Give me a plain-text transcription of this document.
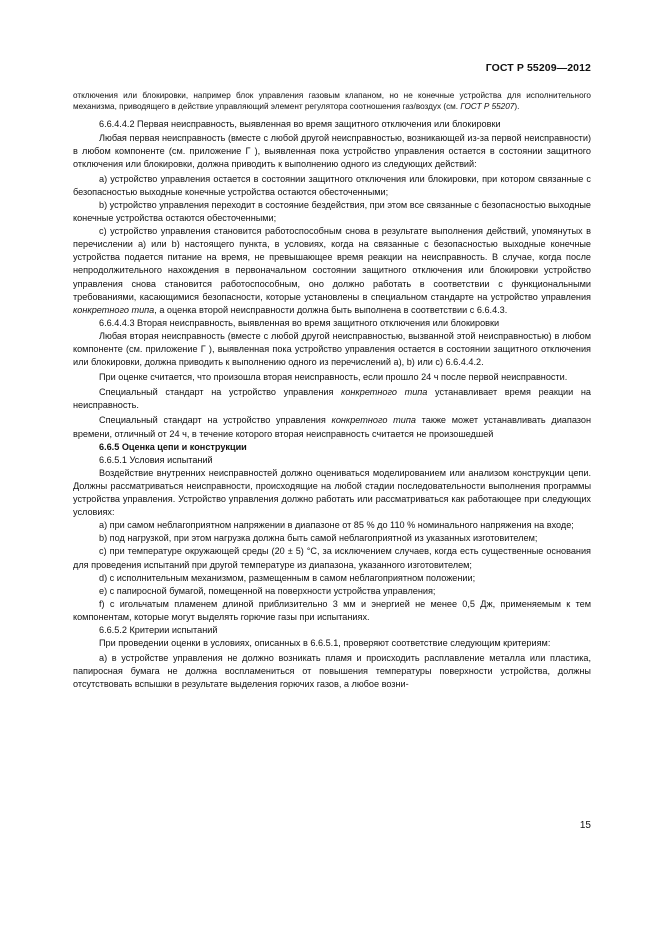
ГОСТ Р 55209—2012

отключения или блокировки, например блок управления газовым клапаном, но не конечные устройства для исполнительного механизма, приводящего в действие управляющий элемент регулятора соотношения газ/воздух (см. ГОСТ Р 55207).

6.6.4.4.2 Первая неисправность, выявленная во время защитного отключения или блокировки

Любая первая неисправность (вместе с любой другой неисправностью, возникающей из-за первой неисправности) в любом компоненте (см. приложение Г ), выявленная пока устройство управления остается в состоянии защитного отключения или блокировки, должна приводить к выполнению одного из следующих действий:

а) устройство управления остается в состоянии защитного отключения или блокировки, при котором связанные с безопасностью выходные конечные устройства остаются обесточенными;

b) устройство управления переходит в состояние бездействия, при этом все связанные с безопасностью выходные конечные устройства остаются обесточенными;

с) устройство управления становится работоспособным снова в результате выполнения действий, упомянутых в перечислении а) или b) настоящего пункта, в условиях, когда на связанные с безопасностью выходные конечные устройства подается питание на время, не превышающее время реакции на неисправность. В случае, когда после непродолжительного нахождения в первоначальном состоянии защитного отключения или блокировки устройство управления снова становится работоспособным, оно должно работать в соответствии с функциональными требованиями, касающимися безопасности, которые установлены в специальном стандарте на устройство управления конкретного типа, а оценка второй неисправности должна быть выполнена в соответствии с 6.6.4.3.

6.6.4.4.3 Вторая неисправность, выявленная во время защитного отключения или блокировки

Любая вторая неисправность (вместе с любой другой неисправностью, вызванной этой неисправностью) в любом компоненте (см. приложение Г ), выявленная пока устройство управления остается в состоянии защитного отключения или блокировки, должна приводить к выполнению одного из перечислений а), b) или с) 6.6.4.4.2.

При оценке считается, что произошла вторая неисправность, если прошло 24 ч после первой неисправности.

Специальный стандарт на устройство управления конкретного типа устанавливает время реакции на неисправность.

Специальный стандарт на устройство управления конкретного типа также может устанавливать диапазон времени, отличный от 24 ч, в течение которого вторая неисправность считается не произошедшей

6.6.5 Оценка цепи и конструкции

6.6.5.1 Условия испытаний

Воздействие внутренних неисправностей должно оцениваться моделированием или анализом конструкции цепи. Должны рассматриваться неисправности, происходящие на любой стадии последовательности выполнения программы устройства управления. Устройство управления должно работать или рассматриваться как работающее при следующих условиях:

а) при самом неблагоприятном напряжении в диапазоне от 85 % до 110 % номинального напряжения на входе;

b) под нагрузкой, при этом нагрузка должна быть самой неблагоприятной из указанных изготовителем;

с) при температуре окружающей среды (20 ± 5) °С, за исключением случаев, когда есть существенные основания для проведения испытаний при другой температуре из диапазона, указанного изготовителем;

d) с исполнительным механизмом, размещенным в самом неблагоприятном положении;

е) с папиросной бумагой, помещенной на поверхности устройства управления;

f) с игольчатым пламенем длиной приблизительно 3 мм и энергией не менее 0,5 Дж, применяемым к тем компонентам, которые могут выделять горючие газы при испытаниях.

6.6.5.2 Критерии испытаний

При проведении оценки в условиях, описанных в 6.6.5.1, проверяют соответствие следующим критериям:

а) в устройстве управления не должно возникать пламя и происходить расплавление металла или пластика, папиросная бумага не должна воспламениться от повышения температуры поверхности устройства, должны отсутствовать вспышки в результате выделения горючих газов, а любое возни-

15
